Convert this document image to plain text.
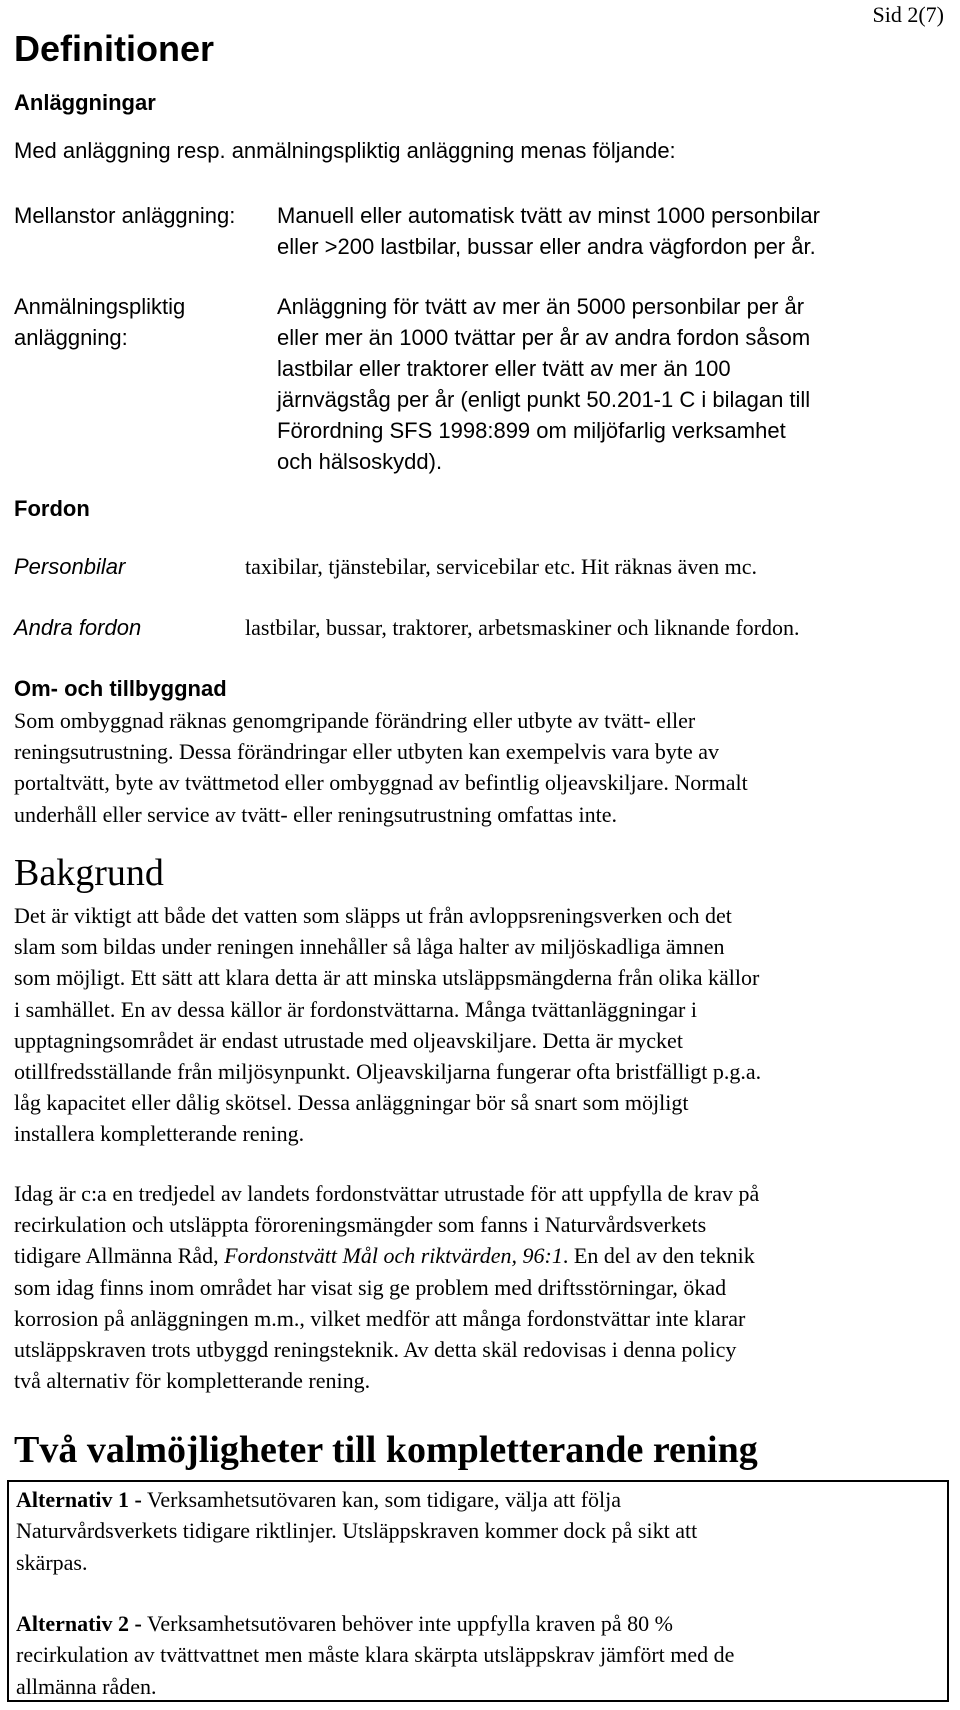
Sid 2(7)
Definitioner
Anläggningar
Med anläggning resp. anmälningspliktig anläggning menas följande:
Mellanstor anläggning: Manuell eller automatisk tvätt av minst 1000 personbilar
eller >200 lastbilar, bussar eller andra vägfordon per år.
Anmälningspliktig
anläggning:
Anläggning för tvätt av mer än 5000 personbilar per år
eller mer än 1000 tvättar per år av andra fordon såsom
lastbilar eller traktorer eller tvätt av mer än 100
järnvägståg per år (enligt punkt 50.201-1 C i bilagan till
Förordning SFS 1998:899 om miljöfarlig verksamhet
och hälsoskydd).
Fordon
Personbilar	taxibilar, tjänstebilar, servicebilar etc. Hit räknas även mc.
Andra fordon	lastbilar, bussar, traktorer, arbetsmaskiner och liknande fordon.
Om- och tillbyggnad
Som ombyggnad räknas genomgripande förändring eller utbyte av tvätt- eller
reningsutrustning. Dessa förändringar eller utbyten kan exempelvis vara byte av
portaltvätt, byte av tvättmetod eller ombyggnad av befintlig oljeavskiljare. Normalt
underhåll eller service av tvätt- eller reningsutrustning omfattas inte.
Bakgrund
Det är viktigt att både det vatten som släpps ut från avloppsreningsverken och det
slam som bildas under reningen innehåller så låga halter av miljöskadliga ämnen
som möjligt. Ett sätt att klara detta är att minska utsläppsmängderna från olika källor
i samhället. En av dessa källor är fordonstvättarna. Många tvättanläggningar i
upptagningsområdet är endast utrustade med oljeavskiljare. Detta är mycket
otillfredsställande från miljösynpunkt. Oljeavskiljarna fungerar ofta bristfälligt p.g.a.
låg kapacitet eller dålig skötsel. Dessa anläggningar bör så snart som möjligt
installera kompletterande rening.
Idag är c:a en tredjedel av landets fordonstvättar utrustade för att uppfylla de krav på
recirkulation och utsläppta föroreningsmängder som fanns i Naturvårdsverkets
tidigare Allmänna Råd, Fordonstvätt Mål och riktvärden, 96:1. En del av den teknik
som idag finns inom området har visat sig ge problem med driftsstörningar, ökad
korrosion på anläggningen m.m., vilket medför att många fordonstvättar inte klarar
utsläppskraven trots utbyggd reningsteknik. Av detta skäl redovisas i denna policy
två alternativ för kompletterande rening.
Två valmöjligheter till kompletterande rening
Alternativ 1 - Verksamhetsutövaren kan, som tidigare, välja att följa
Naturvårdsverkets tidigare riktlinjer. Utsläppskraven kommer dock på sikt att
skärpas.
Alternativ 2 - Verksamhetsutövaren behöver inte uppfylla kraven på 80 %
recirkulation av tvättvattnet men måste klara skärpta utsläppskrav jämfört med de
allmänna råden.
